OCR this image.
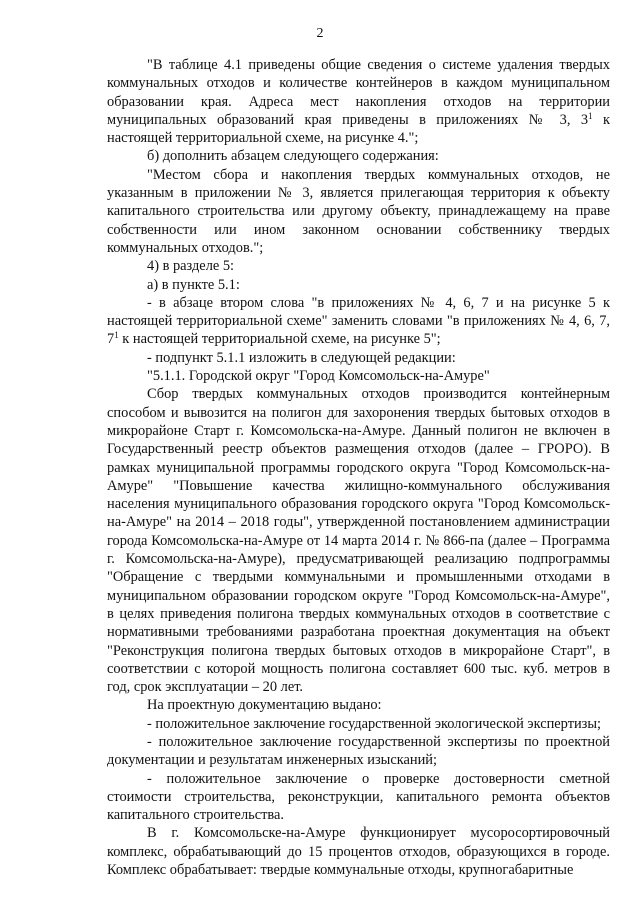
2

"В таблице 4.1 приведены общие сведения о системе удаления твердых коммунальных отходов и количестве контейнеров в каждом муниципальном образовании края. Адреса мест накопления отходов на территории муниципальных образований края приведены в приложениях № 3, $3^1$ к настоящей территориальной схеме, на рисунке 4.";

б) дополнить абзацем следующего содержания:

"Местом сбора и накопления твердых коммунальных отходов, не указанным в приложении № 3, является прилегающая территория к объекту капитального строительства или другому объекту, принадлежащему на праве собственности или ином законном основании собственнику твердых коммунальных отходов.";

4) в разделе 5:

а) в пункте 5.1:

- в абзаце втором слова "в приложениях № 4, 6, 7 и на рисунке 5 к настоящей территориальной схеме" заменить словами "в приложениях № 4, 6, 7, $7^1$ к настоящей территориальной схеме, на рисунке 5";

- подпункт 5.1.1 изложить в следующей редакции:

"5.1.1. Городской округ "Город Комсомольск-на-Амуре"

Сбор твердых коммунальных отходов производится контейнерным способом и вывозится на полигон для захоронения твердых бытовых отходов в микрорайоне Старт г. Комсомольска-на-Амуре. Данный полигон не включен в Государственный реестр объектов размещения отходов (далее – ГРОРО). В рамках муниципальной программы городского округа "Город Комсомольск-на-Амуре" "Повышение качества жилищно-коммунального обслуживания населения муниципального образования городского округа "Город Комсомольск-на-Амуре" на 2014 – 2018 годы", утвержденной постановлением администрации города Комсомольска-на-Амуре от 14 марта 2014 г. № 866-па (далее – Программа г. Комсомольска-на-Амуре), предусматривающей реализацию подпрограммы "Обращение с твердыми коммунальными и промышленными отходами в муниципальном образовании городском округе "Город Комсомольск-на-Амуре", в целях приведения полигона твердых коммунальных отходов в соответствие с нормативными требованиями разработана проектная документация на объект "Реконструкция полигона твердых бытовых отходов в микрорайоне Старт", в соответствии с которой мощность полигона составляет 600 тыс. куб. метров в год, срок эксплуатации – 20 лет.

На проектную документацию выдано:

- положительное заключение государственной экологической экспертизы;

- положительное заключение государственной экспертизы по проектной документации и результатам инженерных изысканий;

- положительное заключение о проверке достоверности сметной стоимости строительства, реконструкции, капитального ремонта объектов капитального строительства.

В г. Комсомольске-на-Амуре функционирует мусоросортировочный комплекс, обрабатывающий до 15 процентов отходов, образующихся в городе. Комплекс обрабатывает: твердые коммунальные отходы, крупногабаритные
